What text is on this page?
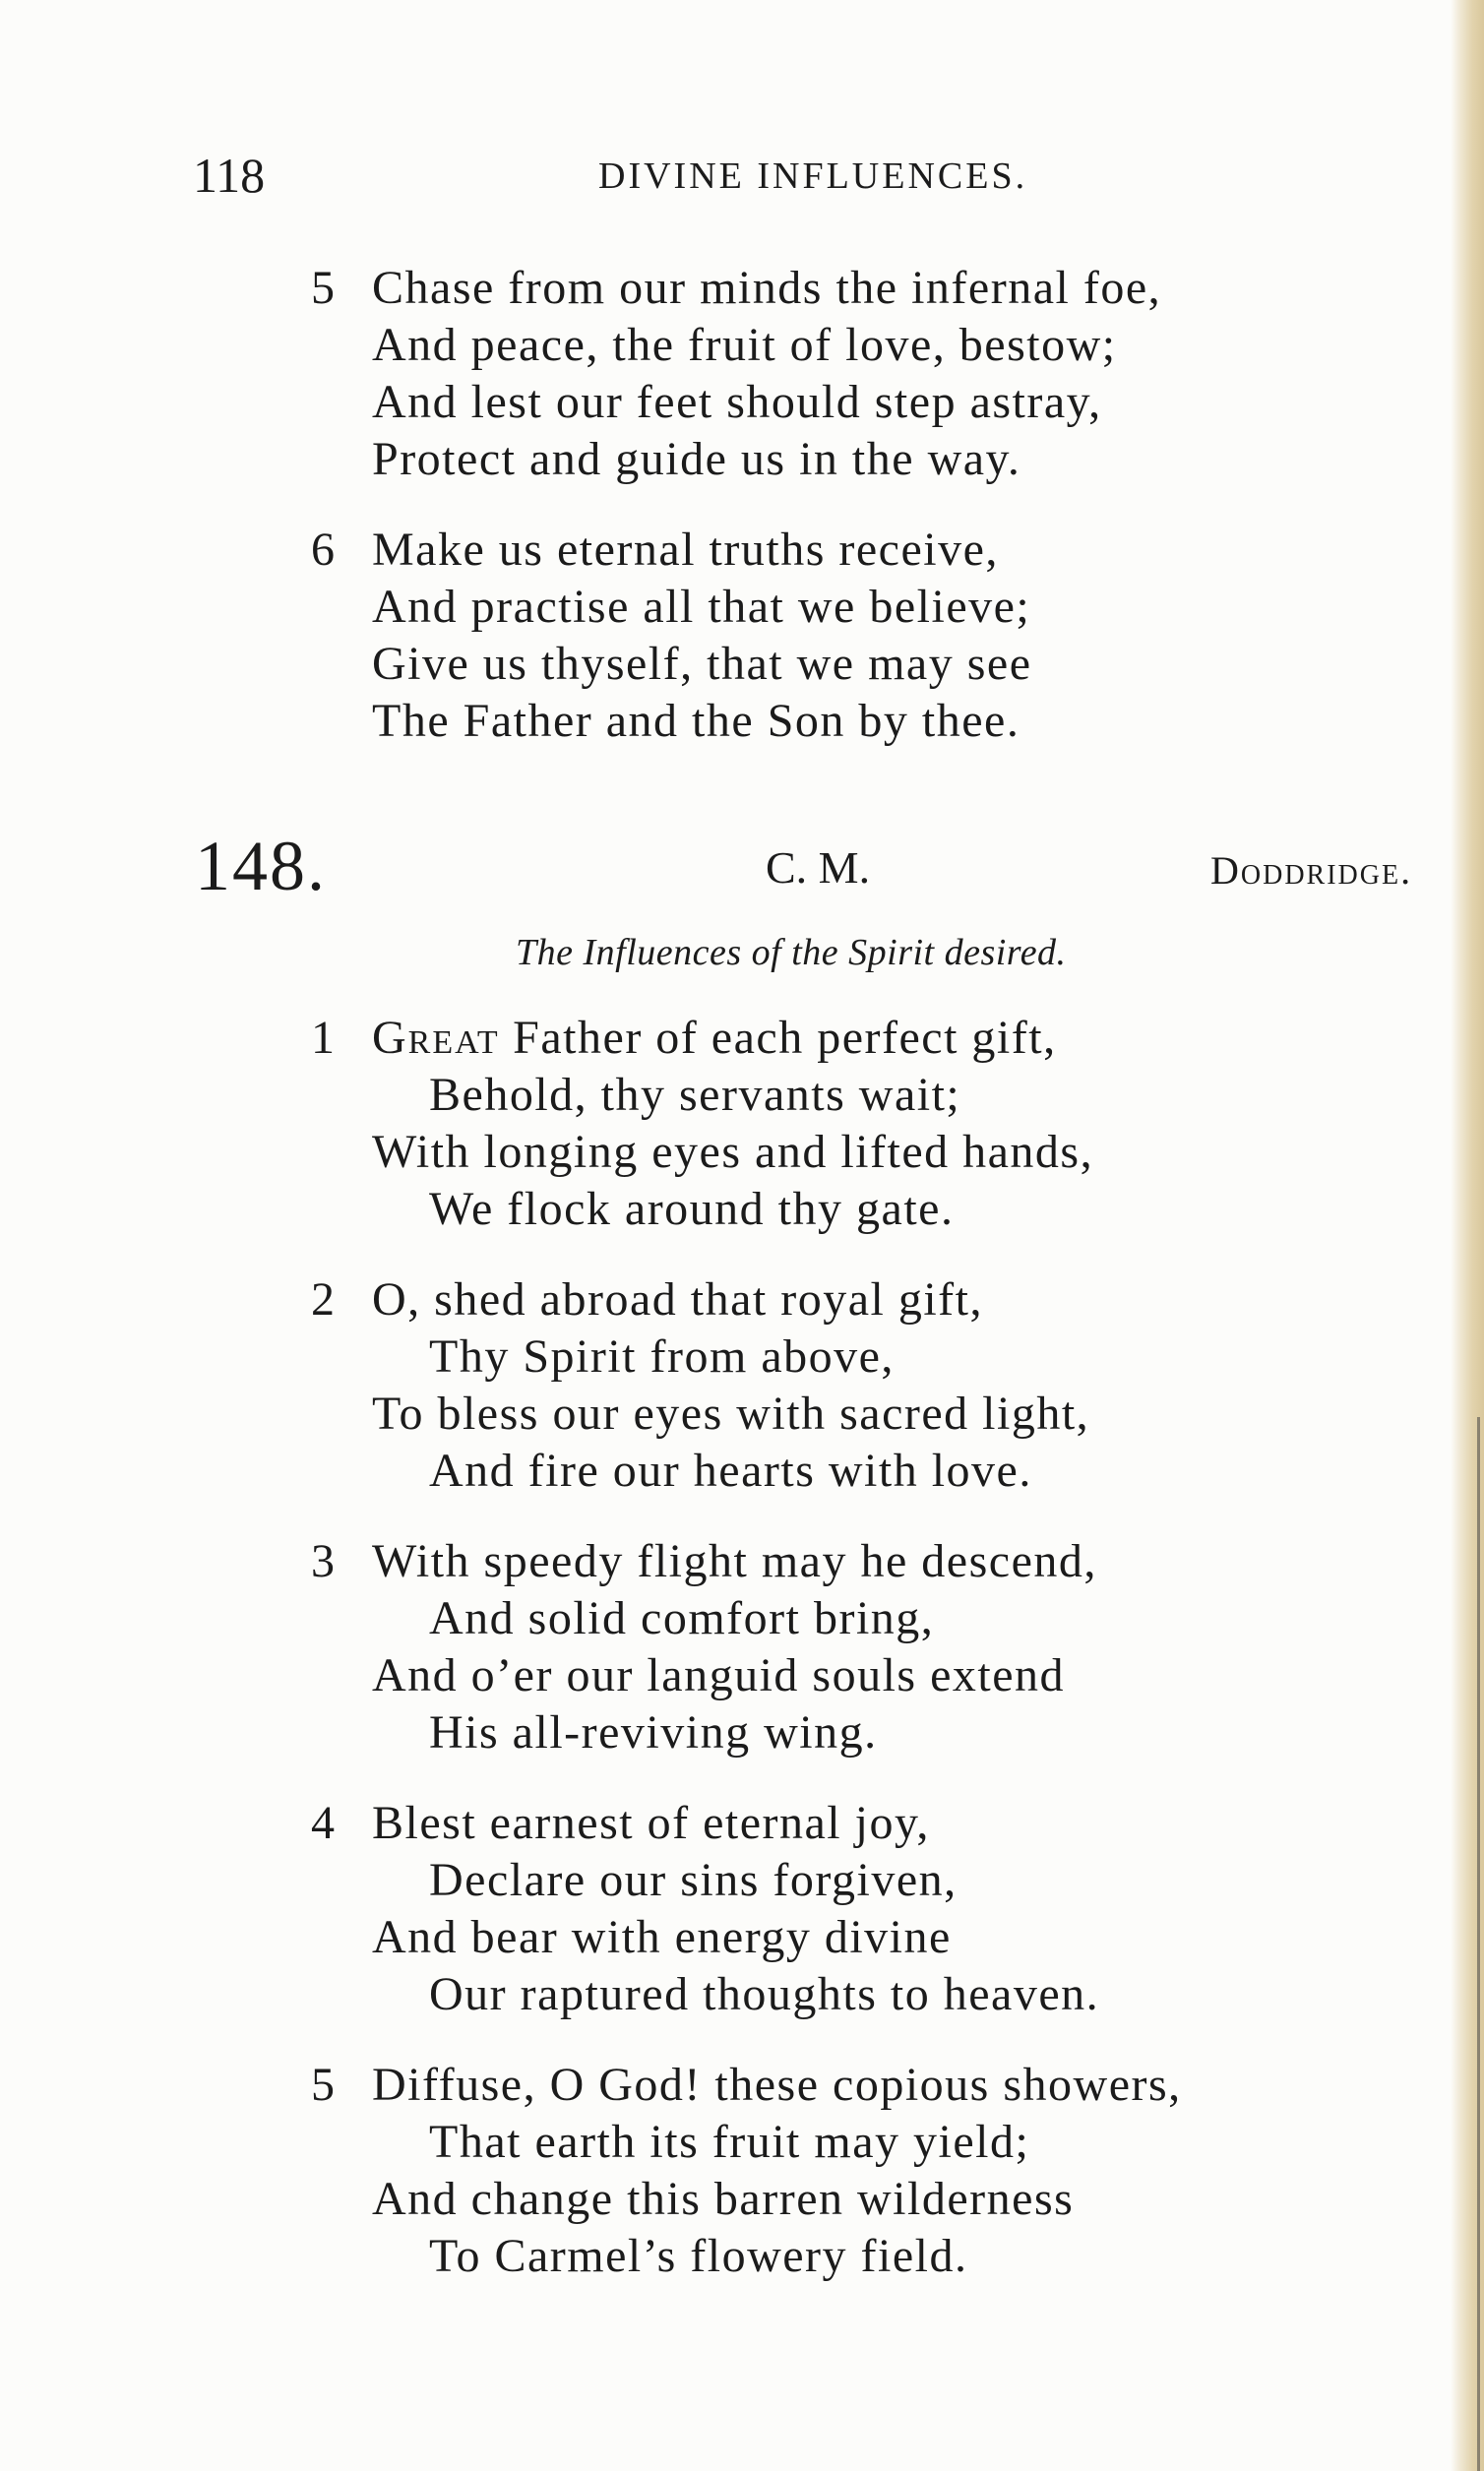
118	DIVINE INFLUENCES.
5 Chase from our minds the infernal foe,
And peace, the fruit of love, bestow;
And lest our feet should step astray,
Protect and guide us in the way.
6 Make us eternal truths receive,
And practise all that we believe;
Give us thyself, that we may see
The Father and the Son by thee.
148.	C. M.	Doddridge.
The Influences of the Spirit desired.
1 Great Father of each perfect gift,
Behold, thy servants wait;
With longing eyes and lifted hands,
We flock around thy gate.
2 O, shed abroad that royal gift,
Thy Spirit from above,
To bless our eyes with sacred light,
And fire our hearts with love.
3 With speedy flight may he descend,
And solid comfort bring,
And o’er our languid souls extend
His all-reviving wing.
4 Blest earnest of eternal joy,
Declare our sins forgiven,
And bear with energy divine
Our raptured thoughts to heaven.
5 Diffuse, O God! these copious showers,
That earth its fruit may yield;
And change this barren wilderness
To Carmel’s flowery field.
